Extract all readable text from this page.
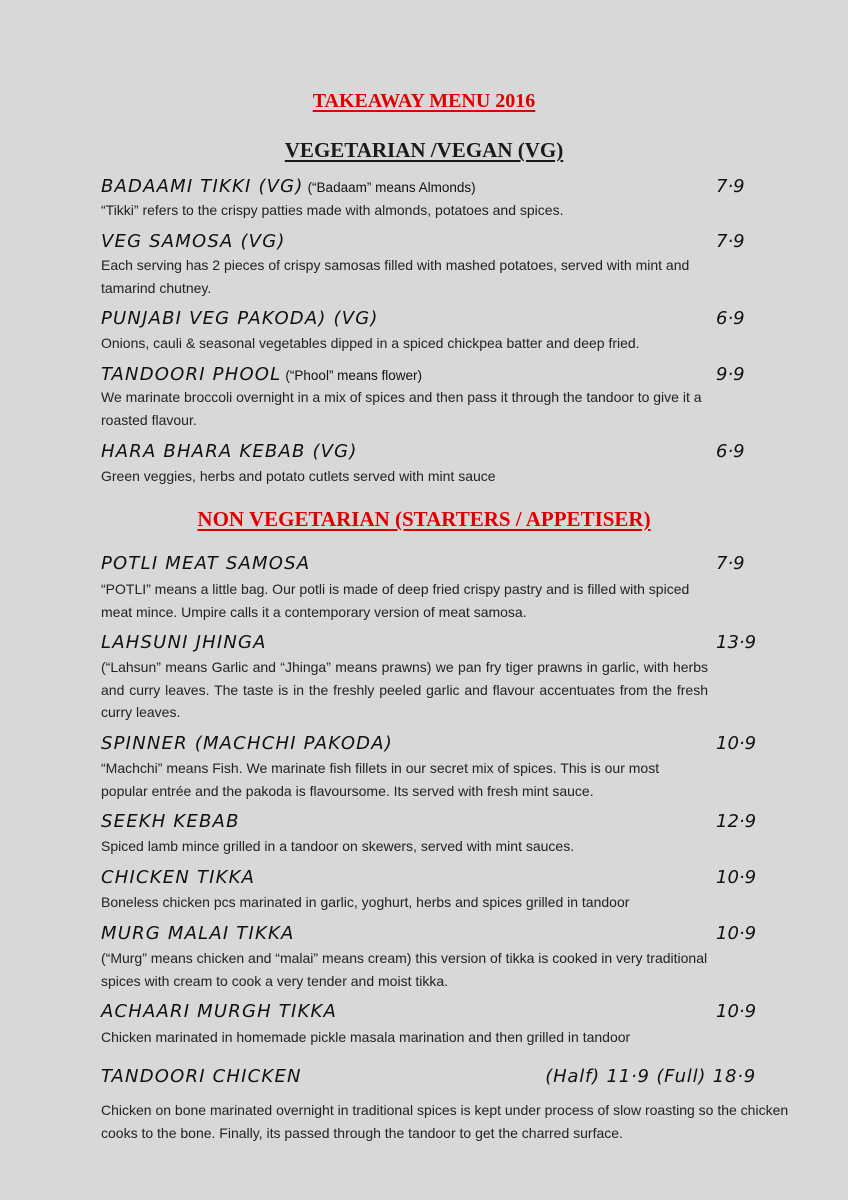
TAKEAWAY MENU 2016
VEGETARIAN /VEGAN (VG)
BADAAMI TIKKI (VG) (“Badaam” means Almonds)	7·9
“Tikki” refers to the crispy patties made with almonds, potatoes and spices.
VEG SAMOSA (VG)	7·9
Each serving has 2 pieces of crispy samosas filled with mashed potatoes, served with mint and tamarind chutney.
PUNJABI VEG PAKODA) (VG)	6·9
Onions, cauli & seasonal vegetables dipped in a spiced chickpea batter and deep fried.
TANDOORI PHOOL (“Phool” means flower)	9·9
We marinate broccoli overnight in a mix of spices and then pass it through the tandoor to give it a roasted flavour.
HARA BHARA KEBAB (VG)	6·9
Green veggies, herbs and potato cutlets served with mint sauce
NON VEGETARIAN (STARTERS / APPETISER)
POTLI MEAT SAMOSA	7·9
“POTLI” means a little bag. Our potli is made of deep fried crispy pastry and is filled with spiced meat mince. Umpire calls it a contemporary version of meat samosa.
LAHSUNI JHINGA	13·9
(“Lahsun” means Garlic and “Jhinga” means prawns) we pan fry tiger prawns in garlic, with herbs and curry leaves. The taste is in the freshly peeled garlic and flavour accentuates from the fresh curry leaves.
SPINNER (MACHCHI PAKODA)	10·9
“Machchi” means Fish. We marinate fish fillets in our secret mix of spices. This is our most popular entrée and the pakoda is flavoursome. Its served with fresh mint sauce.
SEEKH KEBAB	12·9
Spiced lamb mince grilled in a tandoor on skewers, served with mint sauces.
CHICKEN TIKKA	10·9
Boneless chicken pcs marinated in garlic, yoghurt, herbs and spices grilled in tandoor
MURG MALAI TIKKA	10·9
(“Murg” means chicken and “malai” means cream) this version of tikka is cooked in very traditional spices with cream to cook a very tender and moist tikka.
ACHAARI MURGH TIKKA	10·9
Chicken marinated in homemade pickle masala marination and then grilled in tandoor
TANDOORI CHICKEN	(Half) 11·9 (Full) 18·9
Chicken on bone marinated overnight in traditional spices is kept under process of slow roasting so the chicken cooks to the bone. Finally, its passed through the tandoor to get the charred surface.
